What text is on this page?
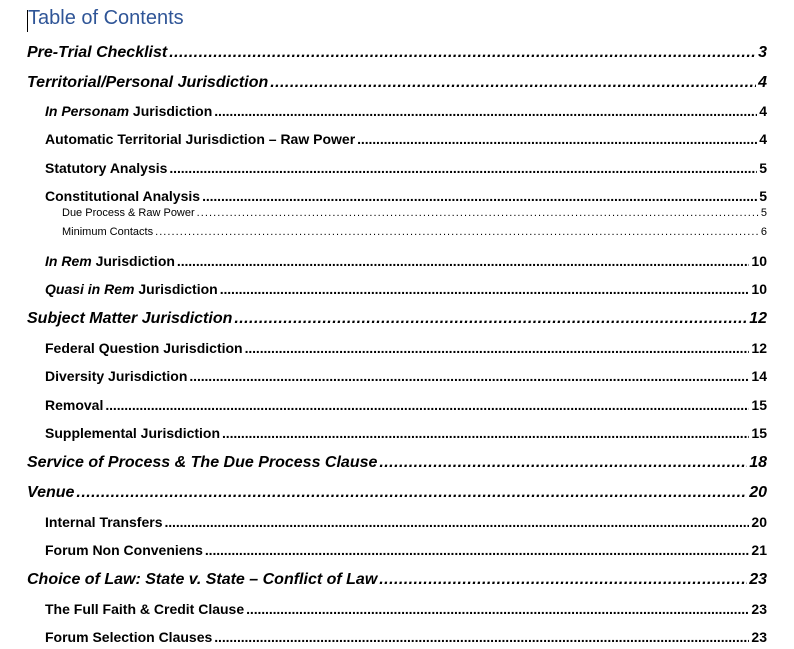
Table of Contents
Pre-Trial Checklist . . .	3
Territorial/Personal Jurisdiction . . .	4
In Personam Jurisdiction . . .	4
Automatic Territorial Jurisdiction – Raw Power . . .	4
Statutory Analysis . . .	5
Constitutional Analysis . . .	5
Due Process & Raw Power . . .	5
Minimum Contacts . . .	6
In Rem Jurisdiction . . .	10
Quasi in Rem Jurisdiction . . .	10
Subject Matter Jurisdiction . . .	12
Federal Question Jurisdiction . . .	12
Diversity Jurisdiction . . .	14
Removal . . .	15
Supplemental Jurisdiction . . .	15
Service of Process & The Due Process Clause . . .	18
Venue . . .	20
Internal Transfers . . .	20
Forum Non Conveniens . . .	21
Choice of Law: State v. State – Conflict of Law . . .	23
The Full Faith & Credit Clause . . .	23
Forum Selection Clauses . . .	23
